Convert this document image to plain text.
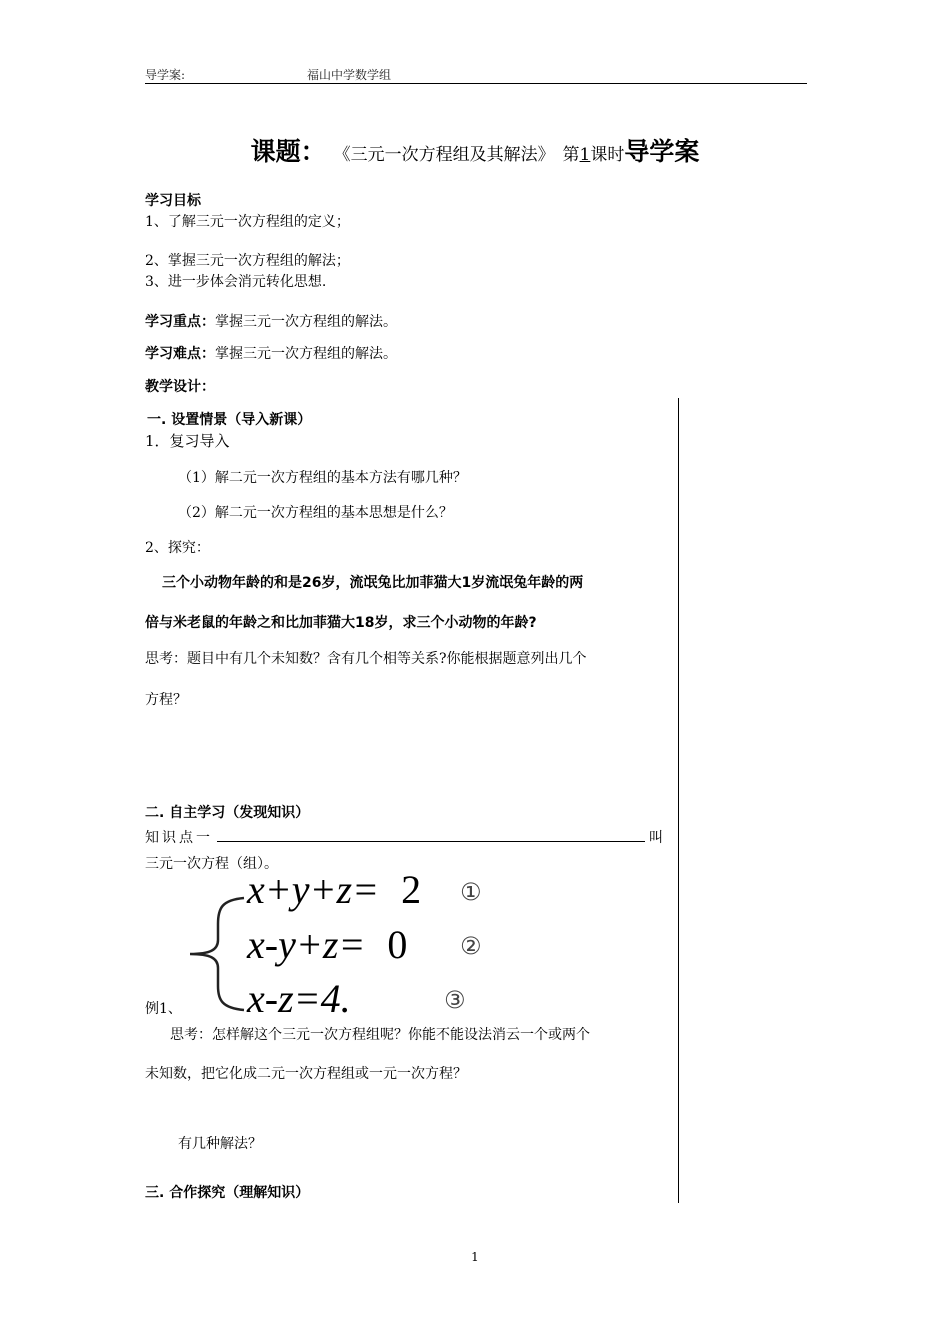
导学案:	福山中学数学组
课题： 《三元一次方程组及其解法》 第1课时导学案
学习目标
1、了解三元一次方程组的定义；
2、掌握三元一次方程组的解法；
3、进一步体会消元转化思想.
学习重点：掌握三元一次方程组的解法。
学习难点：掌握三元一次方程组的解法。
教学设计：
一. 设置情景（导入新课）
1．复习导入
（1）解二元一次方程组的基本方法有哪几种？
（2）解二元一次方程组的基本思想是什么？
2、探究：
三个小动物年龄的和是26岁，流氓兔比加菲猫大1岁流氓兔年龄的两
倍与米老鼠的年龄之和比加菲猫大18岁，求三个小动物的年龄?
思考：题目中有几个未知数？含有几个相等关系?你能根据题意列出几个
方程？
二. 自主学习（发现知识）
知识点一	叫
三元一次方程（组）。
x+y+z= 2 ①
x-y+z= 0 ②
x-z=4.	③
例1、
思考：怎样解这个三元一次方程组呢？你能不能设法消云一个或两个
未知数，把它化成二元一次方程组或一元一次方程？
有几种解法？
三. 合作探究（理解知识）
1
